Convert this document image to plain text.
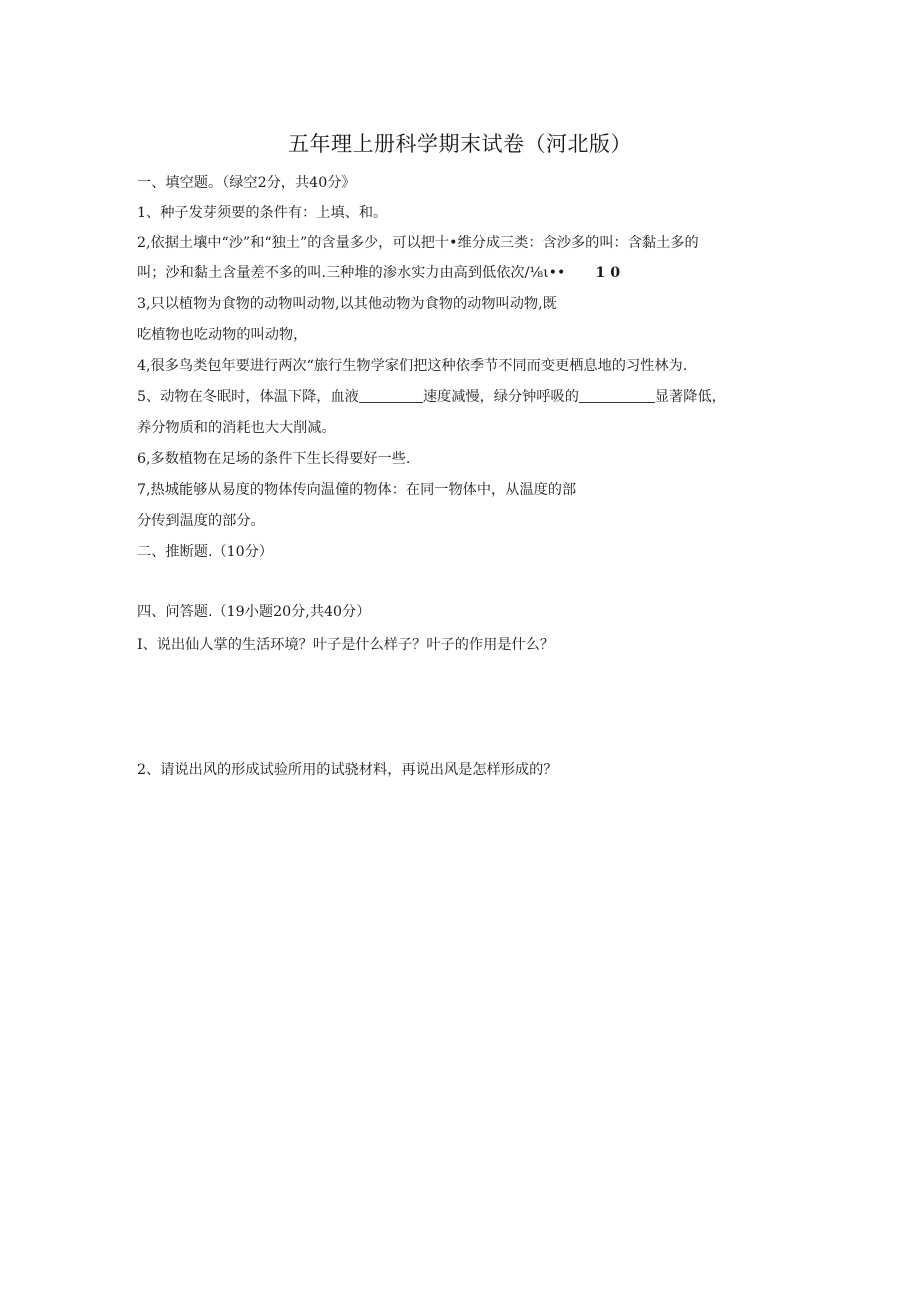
五年理上册科学期末试卷（河北版）
一、填空题。（绿空2分，共40分》
1、种子发芽须要的条件有：上填、和。
2,依据土壤中“沙”和“独土”的含量多少，可以把十•维分成三类：含沙多的叫：含黏土多的
叫；沙和黏土含量差不多的叫.三种堆的渗水实力由高到低依次/⅛ι•• 1 0
3,只以植物为食物的动物叫动物,以其他动物为食物的动物叫动物,既
吃植物也吃动物的叫动物，
4,很多鸟类包年要进行两次“旅行生物学家们把这种依季节不同而变更栖息地的习性林为.
5、动物在冬眠时，体温下降，血液	速度减慢，绿分钟呼吸的	显著降低，
养分物质和的消耗也大大削减。
6,多数植物在足场的条件下生长得要好一些.
7,热城能够从易度的物体传向温僮的物体：在同一物体中，从温度的部
分传到温度的部分。
二、推断题.（10分）
四、问答题.（19小题20分,共40分）
I、说出仙人掌的生活环境？叶子是什么样子？叶子的作用是什么？
2、请说出风的形成试验所用的试骁材料，再说出风是怎样形成的？
